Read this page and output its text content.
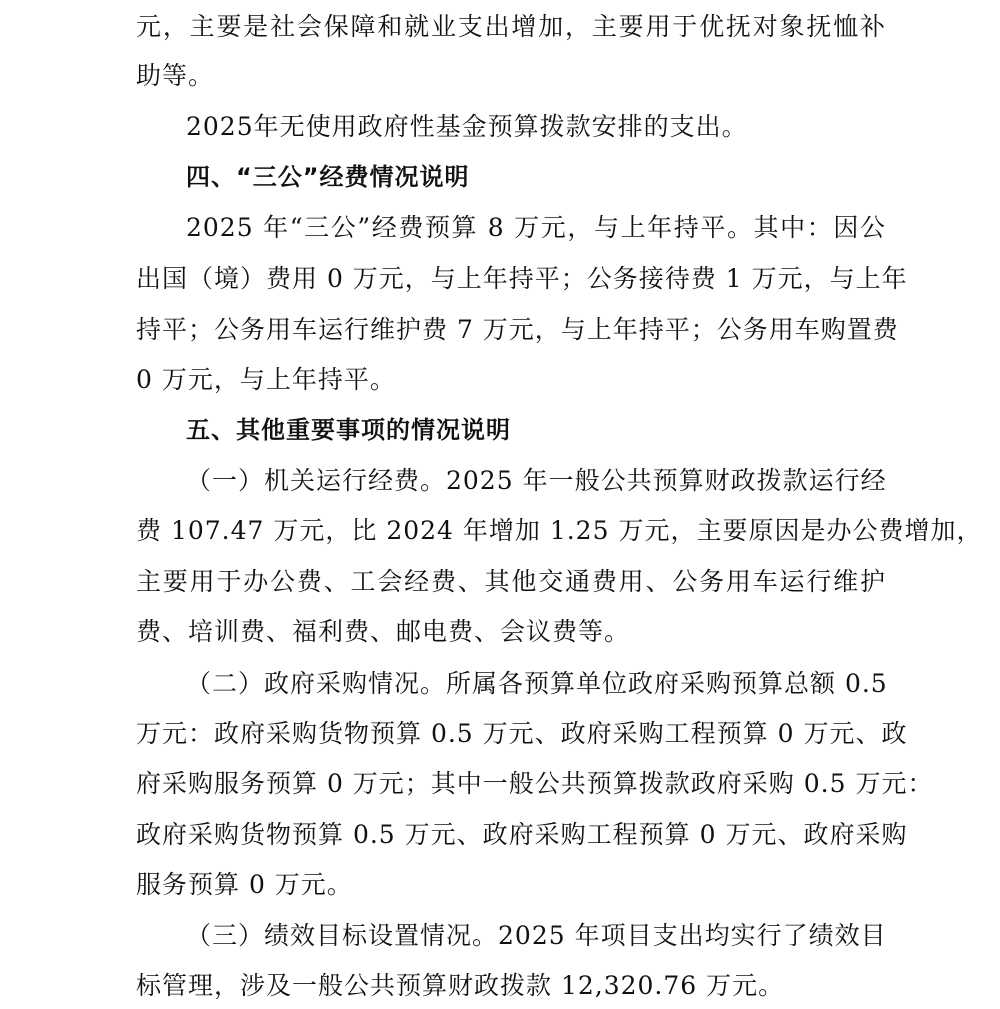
元，主要是社会保障和就业支出增加，主要用于优抚对象抚恤补
助等。
2025年无使用政府性基金预算拨款安排的支出。
四、“三公”经费情况说明
2025 年“三公”经费预算 8 万元，与上年持平。其中：因公
出国（境）费用 0 万元，与上年持平；公务接待费 1 万元，与上年
持平；公务用车运行维护费 7 万元，与上年持平；公务用车购置费
0 万元，与上年持平。
五、其他重要事项的情况说明
（一）机关运行经费。2025 年一般公共预算财政拨款运行经
费 107.47 万元，比 2024 年增加 1.25 万元，主要原因是办公费增加，
主要用于办公费、工会经费、其他交通费用、公务用车运行维护
费、培训费、福利费、邮电费、会议费等。
（二）政府采购情况。所属各预算单位政府采购预算总额 0.5
万元：政府采购货物预算 0.5 万元、政府采购工程预算 0 万元、政
府采购服务预算 0 万元；其中一般公共预算拨款政府采购 0.5 万元：
政府采购货物预算 0.5 万元、政府采购工程预算 0 万元、政府采购
服务预算 0 万元。
（三）绩效目标设置情况。2025 年项目支出均实行了绩效目
标管理，涉及一般公共预算财政拨款 12,320.76 万元。
